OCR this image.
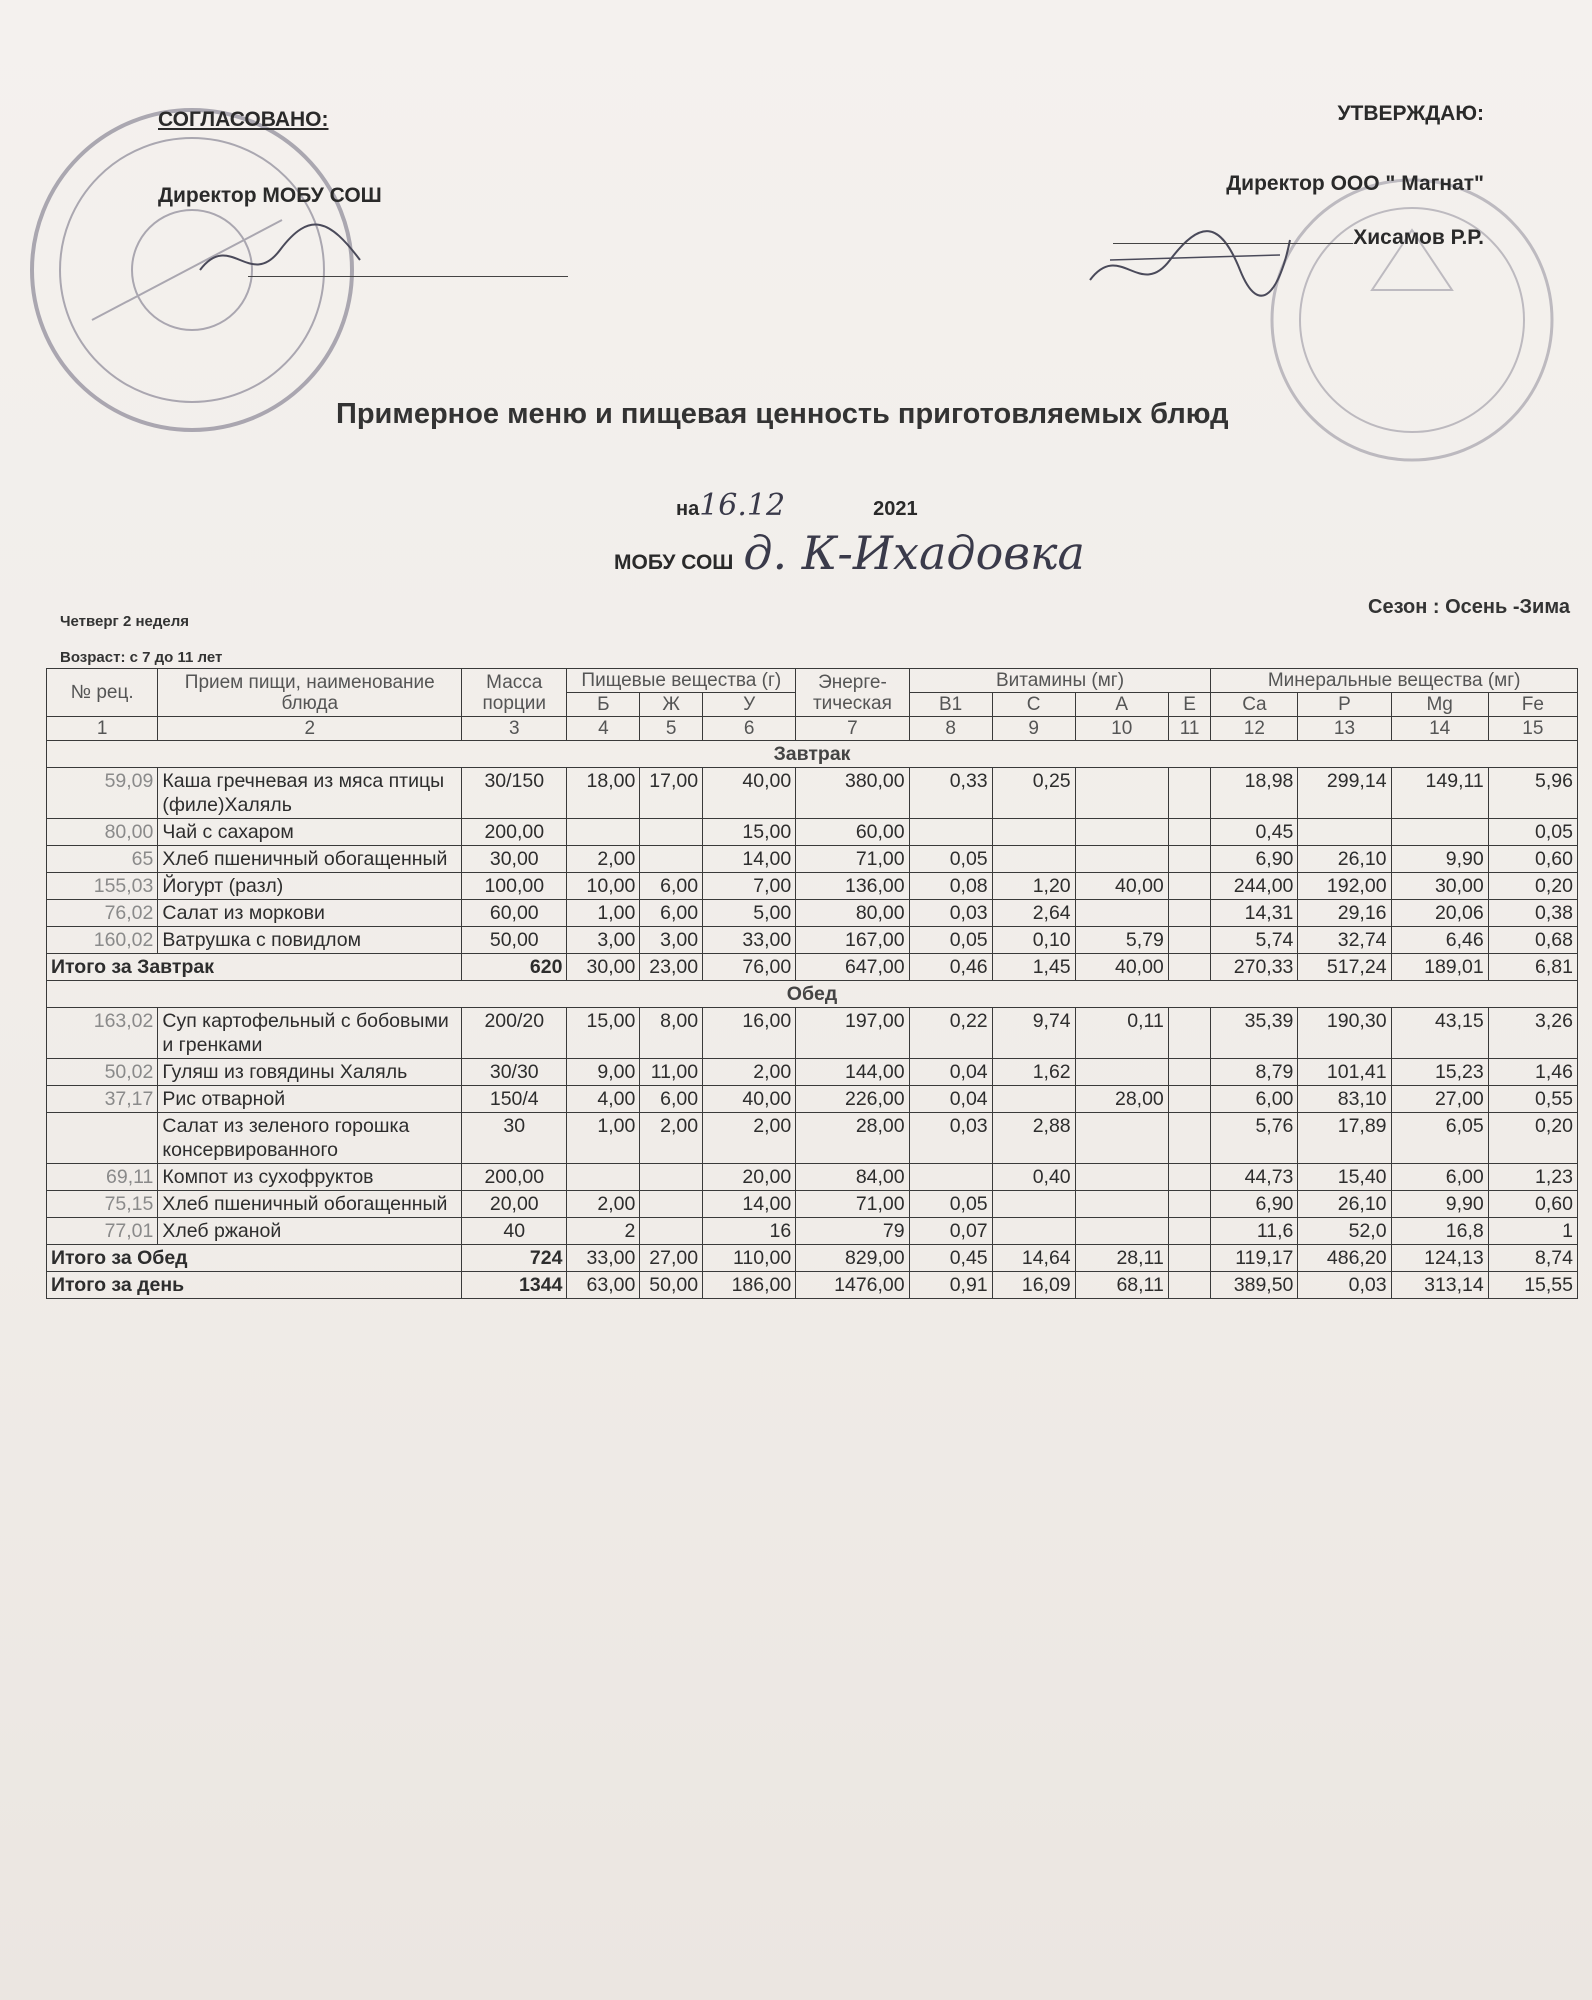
СОГЛАСОВАНО:
Директор МОБУ СОШ
УТВЕРЖДАЮ:
Директор ООО " Магнат"
Хисамов Р.Р.
Примерное меню и пищевая ценность приготовляемых блюд
на16.12	2021
МОБУ СОШ д. К-Ихадовка
Четверг 2 неделя
Возраст: с 7 до 11 лет
Сезон : Осень -Зима
№ рец.	Прием пищи, наименование блюда	Масса порции	Пищевые вещества (г)			Энерге-тическая	Витамины (мг)				Минеральные вещества (мг)			
			Б	Ж	У		B1	C	A	E	Ca	P	Mg	Fe
1	2	3	4	5	6	7	8	9	10	11	12	13	14	15
Завтрак														
59,09	Каша гречневая из мяса птицы (филе)Халяль	30/150	18,00	17,00	40,00	380,00	0,33	0,25			18,98	299,14	149,11	5,96
80,00	Чай с сахаром	200,00			15,00	60,00					0,45			0,05
65	Хлеб пшеничный обогащенный	30,00	2,00		14,00	71,00	0,05				6,90	26,10	9,90	0,60
155,03	Йогурт (разл)	100,00	10,00	6,00	7,00	136,00	0,08	1,20	40,00		244,00	192,00	30,00	0,20
76,02	Салат из моркови	60,00	1,00	6,00	5,00	80,00	0,03	2,64			14,31	29,16	20,06	0,38
160,02	Ватрушка с повидлом	50,00	3,00	3,00	33,00	167,00	0,05	0,10	5,79		5,74	32,74	6,46	0,68
Итого за Завтрак		620	30,00	23,00	76,00	647,00	0,46	1,45	40,00		270,33	517,24	189,01	6,81
Обед														
163,02	Суп картофельный с бобовыми и гренками	200/20	15,00	8,00	16,00	197,00	0,22	9,74	0,11		35,39	190,30	43,15	3,26
50,02	Гуляш из говядины Халяль	30/30	9,00	11,00	2,00	144,00	0,04	1,62			8,79	101,41	15,23	1,46
37,17	Рис отварной	150/4	4,00	6,00	40,00	226,00	0,04		28,00		6,00	83,10	27,00	0,55
	Салат из зеленого горошка консервированного	30	1,00	2,00	2,00	28,00	0,03	2,88			5,76	17,89	6,05	0,20
69,11	Компот из сухофруктов	200,00			20,00	84,00		0,40			44,73	15,40	6,00	1,23
75,15	Хлеб пшеничный обогащенный	20,00	2,00		14,00	71,00	0,05				6,90	26,10	9,90	0,60
77,01	Хлеб ржаной	40	2		16	79	0,07				11,6	52,0	16,8	1
Итого за Обед		724	33,00	27,00	110,00	829,00	0,45	14,64	28,11		119,17	486,20	124,13	8,74
Итого за день		1344	63,00	50,00	186,00	1476,00	0,91	16,09	68,11		389,50	0,03	313,14	15,55
